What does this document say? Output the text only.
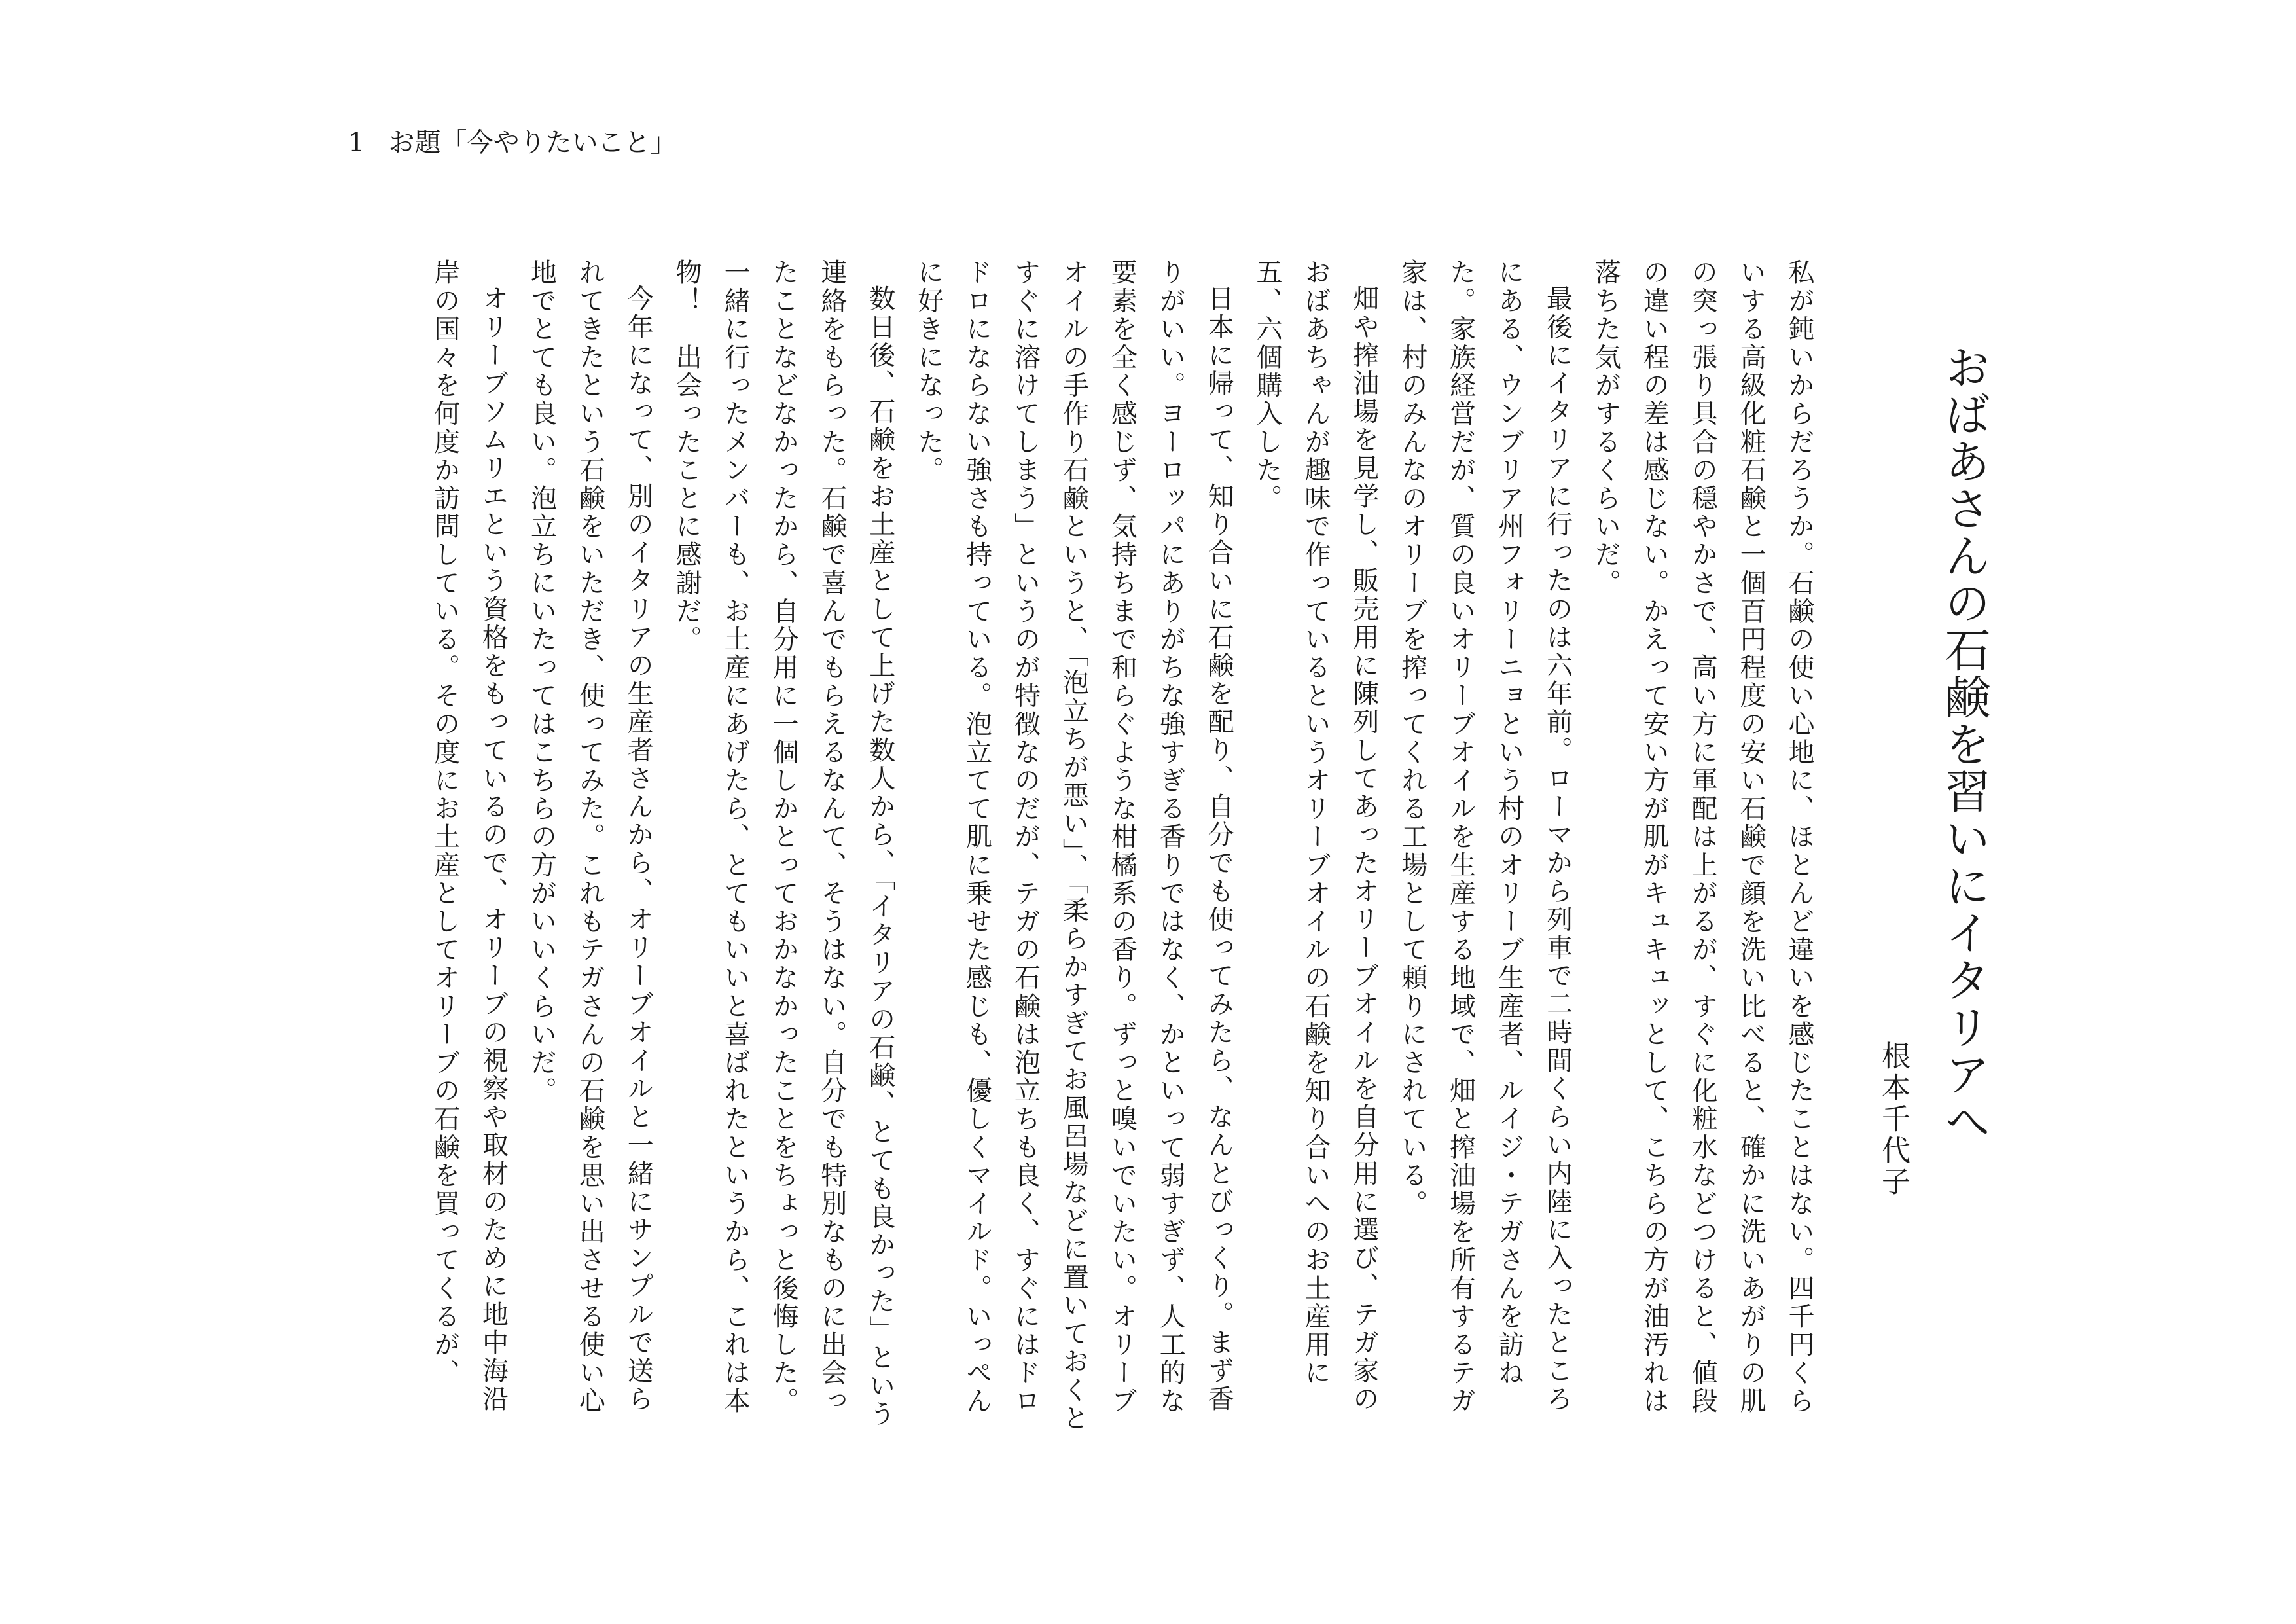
1 お題「今やりたいこと」
おばあさんの石鹸を習いにイタリアへ
根本千代子

私が鈍いからだろうか。石鹸の使い心地に、ほとんど違いを感じたことはない。四千円くらいする高級化粧石鹸と一個百円程度の安い石鹸で顔を洗い比べると、確かに洗いあがりの肌の突っ張り具合の穏やかさで、高い方に軍配は上がるが、すぐに化粧水などつけると、値段の違い程の差は感じない。かえって安い方が肌がキュキュッとして、こちらの方が油汚れは落ちた気がするくらいだ。

最後にイタリアに行ったのは六年前。ローマから列車で二時間くらい内陸に入ったところにある、ウンブリア州フォリーニョという村のオリーブ生産者、ルイジ・テガさんを訪ねた。家族経営だが、質の良いオリーブオイルを生産する地域で、畑と搾油場を所有するテガ家は、村のみんなのオリーブを搾ってくれる工場として頼りにされている。

畑や搾油場を見学し、販売用に陳列してあったオリーブオイルを自分用に選び、テガ家のおばあちゃんが趣味で作っているというオリーブオイルの石鹸を知り合いへのお土産用に五、六個購入した。

日本に帰って、知り合いに石鹸を配り、自分でも使ってみたら、なんとびっくり。まず香りがいい。ヨーロッパにありがちな強すぎる香りではなく、かといって弱すぎず、人工的な要素を全く感じず、気持ちまで和らぐような柑橘系の香り。ずっと嗅いでいたい。オリーブオイルの手作り石鹸というと、「泡立ちが悪い」、「柔らかすぎてお風呂場などに置いておくとすぐに溶けてしまう」というのが特徴なのだが、テガの石鹸は泡立ちも良く、すぐにはドロドロにならない強さも持っている。泡立てて肌に乗せた感じも、優しくマイルド。いっぺんに好きになった。

数日後、石鹸をお土産として上げた数人から、「イタリアの石鹸、とても良かった」という連絡をもらった。石鹸で喜んでもらえるなんて、そうはない。自分でも特別なものに出会ったことなどなかったから、自分用に一個しかとっておかなかったことをちょっと後悔した。一緒に行ったメンバーも、お土産にあげたら、とてもいいと喜ばれたというから、これは本物！　出会ったことに感謝だ。

今年になって、別のイタリアの生産者さんから、オリーブオイルと一緒にサンプルで送られてきたという石鹸をいただき、使ってみた。これもテガさんの石鹸を思い出させる使い心地でとても良い。泡立ちにいたってはこちらの方がいいくらいだ。

オリーブソムリエという資格をもっているので、オリーブの視察や取材のために地中海沿岸の国々を何度か訪問している。その度にお土産としてオリーブの石鹸を買ってくるが、
